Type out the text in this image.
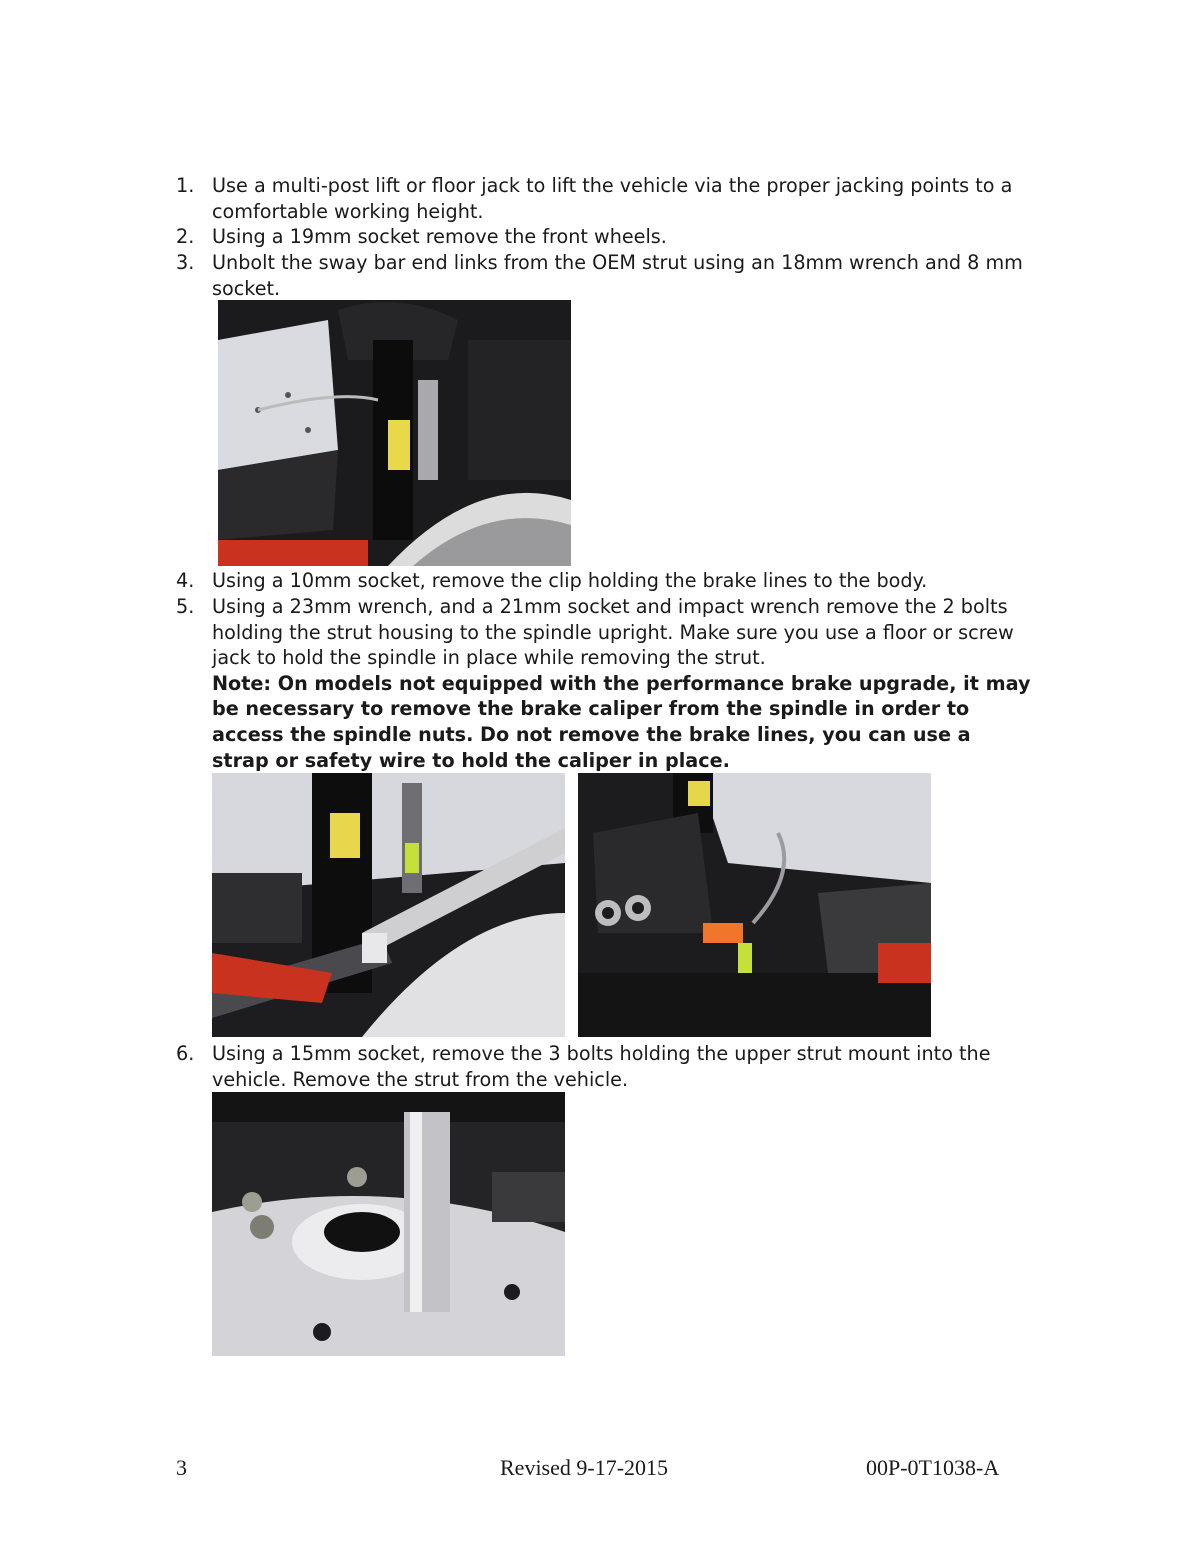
1. Use a multi-post lift or floor jack to lift the vehicle via the proper jacking points to a comfortable working height.
2. Using a 19mm socket remove the front wheels.
3. Unbolt the sway bar end links from the OEM strut using an 18mm wrench and 8 mm socket.
4. Using a 10mm socket, remove the clip holding the brake lines to the body.
5. Using a 23mm wrench, and a 21mm socket and impact wrench remove the 2 bolts holding the strut housing to the spindle upright. Make sure you use a floor or screw jack to hold the spindle in place while removing the strut.
Note: On models not equipped with the performance brake upgrade, it may be necessary to remove the brake caliper from the spindle in order to access the spindle nuts. Do not remove the brake lines, you can use a strap or safety wire to hold the caliper in place.
6. Using a 15mm socket, remove the 3 bolts holding the upper strut mount into the vehicle. Remove the strut from the vehicle.
3	Revised 9-17-2015	00P-0T1038-A
